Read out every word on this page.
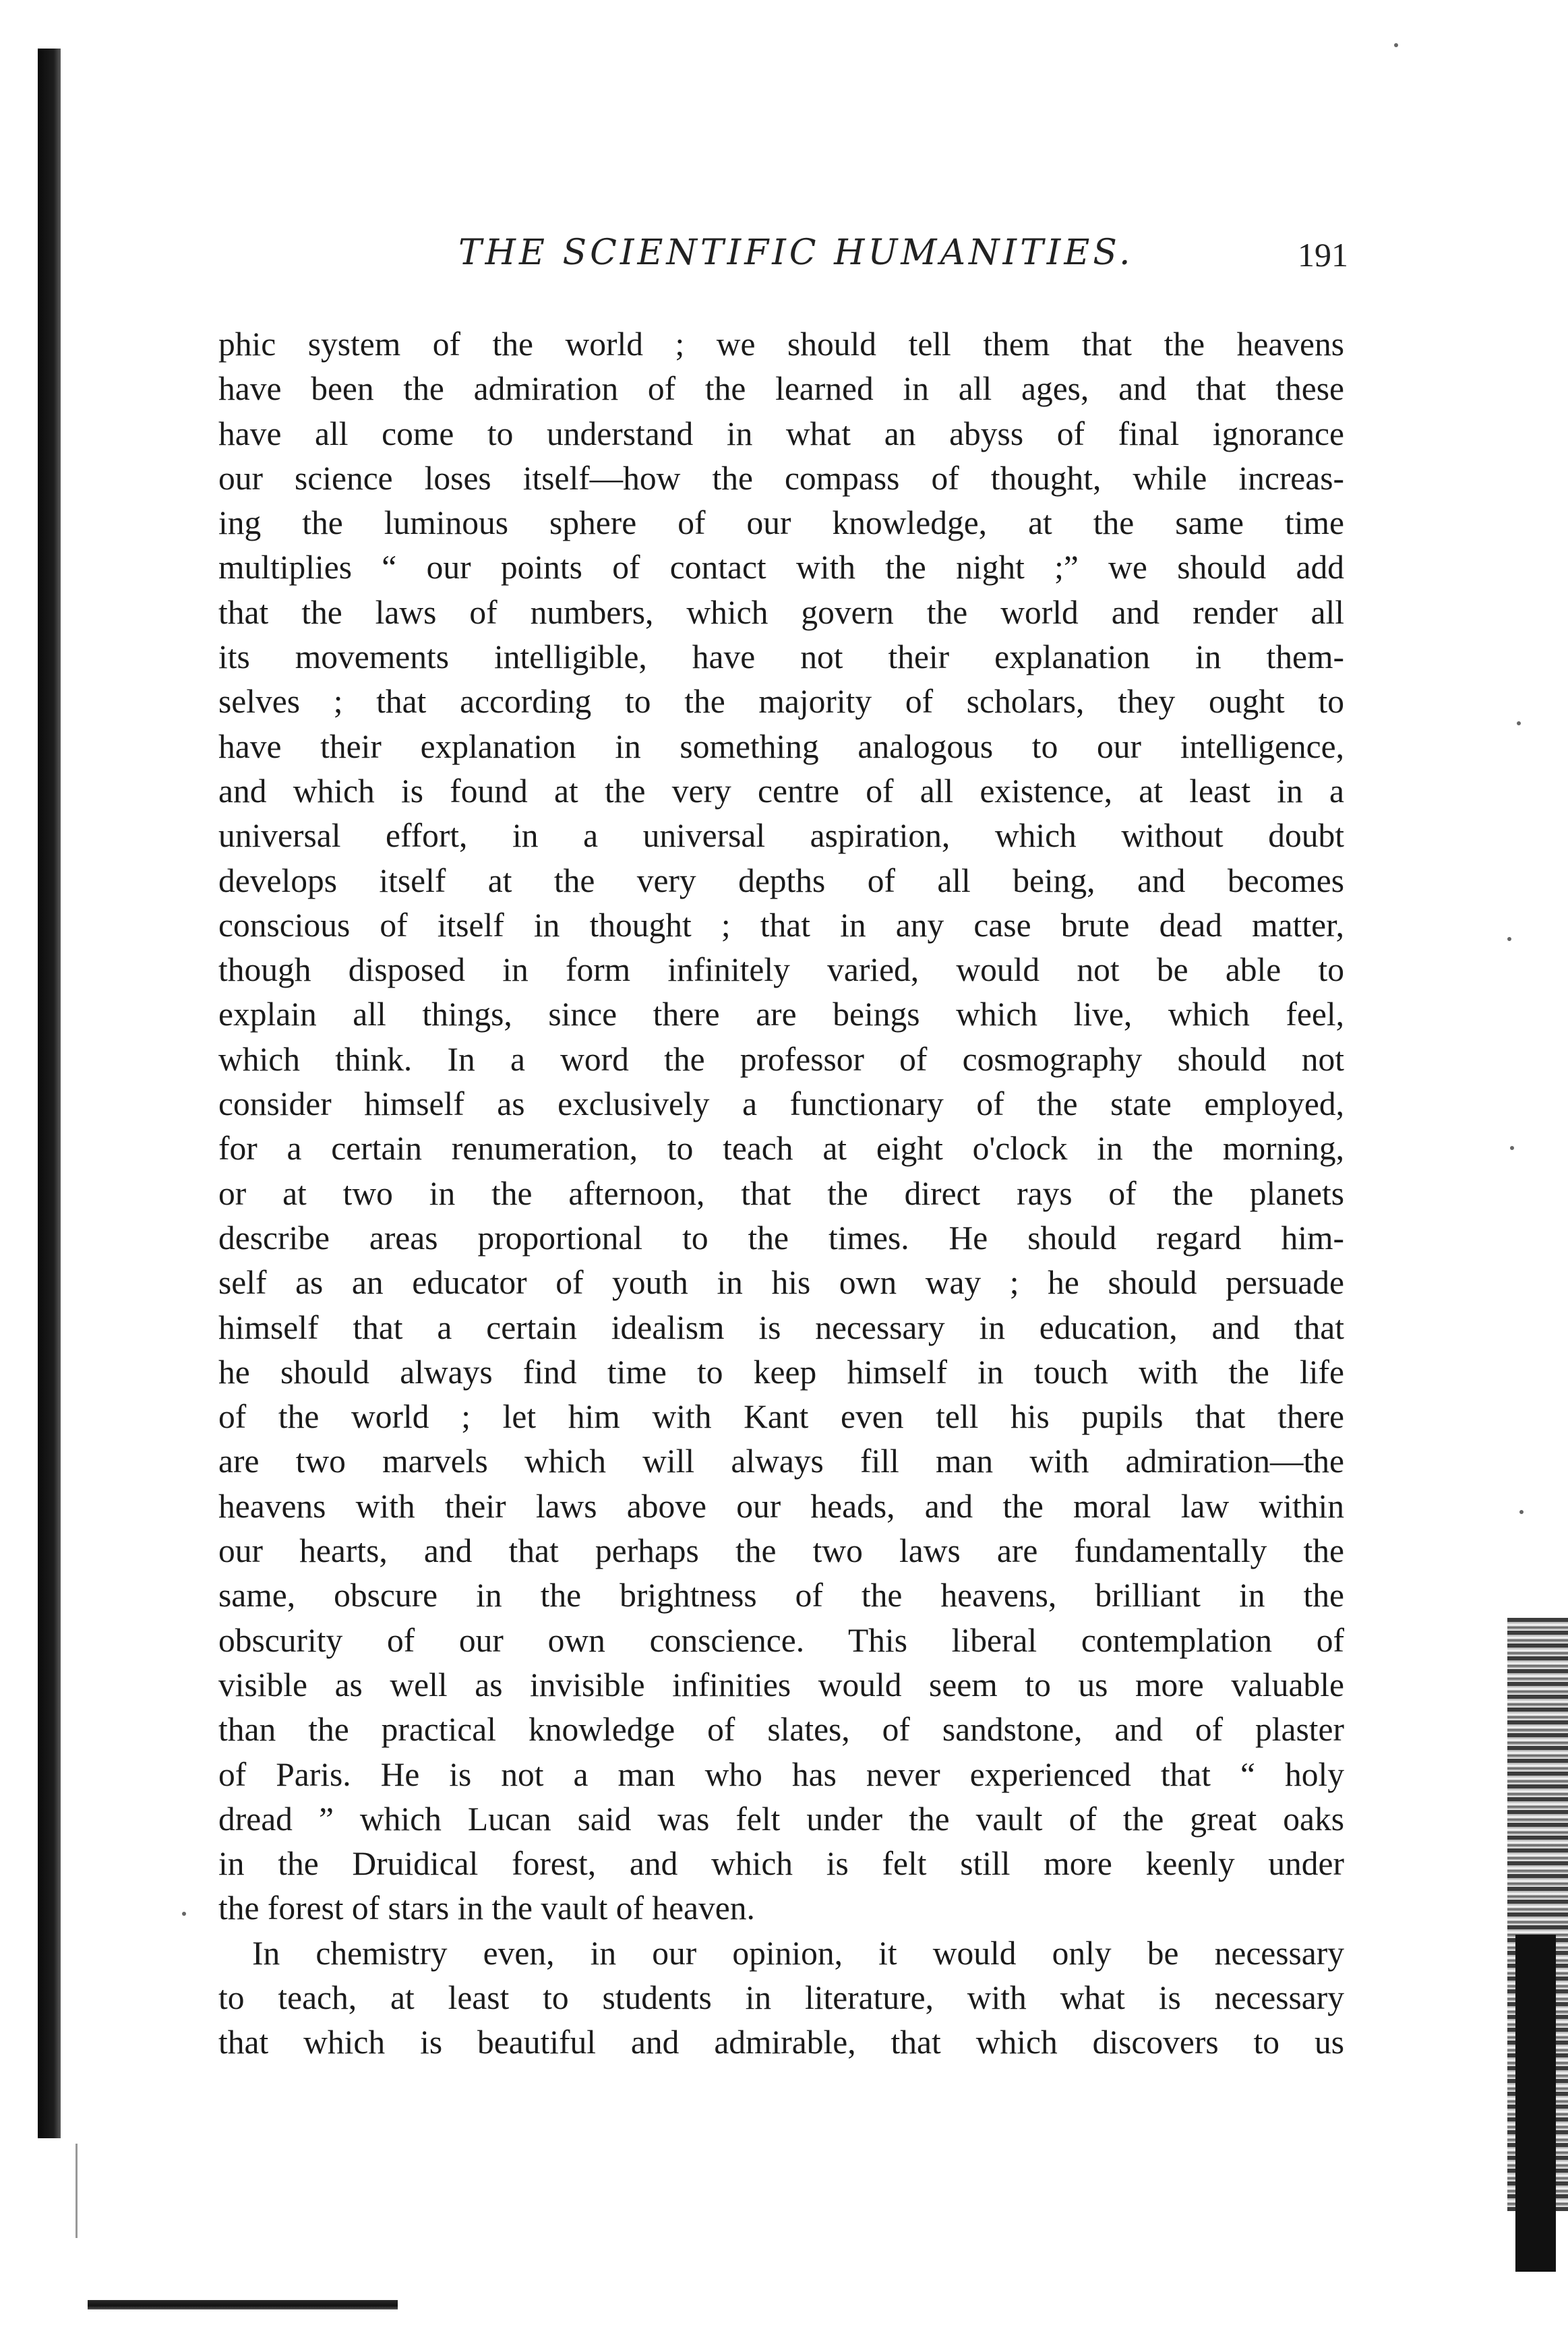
THE SCIENTIFIC HUMANITIES.	191
phic system of the world ; we should tell them that the heavens
have been the admiration of the learned in all ages, and that these
have all come to understand in what an abyss of final ignorance
our science loses itself—how the compass of thought, while increas-
ing the luminous sphere of our knowledge, at the same time
multiplies “ our points of contact with the night ;” we should add
that the laws of numbers, which govern the world and render all
its movements intelligible, have not their explanation in them-
selves ; that according to the majority of scholars, they ought to
have their explanation in something analogous to our intelligence,
and which is found at the very centre of all existence, at least in a
universal effort, in a universal aspiration, which without doubt
develops itself at the very depths of all being, and becomes
conscious of itself in thought ; that in any case brute dead matter,
though disposed in form infinitely varied, would not be able to
explain all things, since there are beings which live, which feel,
which think. In a word the professor of cosmography should not
consider himself as exclusively a functionary of the state employed,
for a certain renumeration, to teach at eight o'clock in the morning,
or at two in the afternoon, that the direct rays of the planets
describe areas proportional to the times. He should regard him-
self as an educator of youth in his own way ; he should persuade
himself that a certain idealism is necessary in education, and that
he should always find time to keep himself in touch with the life
of the world ; let him with Kant even tell his pupils that there
are two marvels which will always fill man with admiration—the
heavens with their laws above our heads, and the moral law within
our hearts, and that perhaps the two laws are fundamentally the
same, obscure in the brightness of the heavens, brilliant in the
obscurity of our own conscience. This liberal contemplation of
visible as well as invisible infinities would seem to us more valuable
than the practical knowledge of slates, of sandstone, and of plaster
of Paris. He is not a man who has never experienced that “ holy
dread ” which Lucan said was felt under the vault of the great oaks
in the Druidical forest, and which is felt still more keenly under
the forest of stars in the vault of heaven.
In chemistry even, in our opinion, it would only be necessary
to teach, at least to students in literature, with what is necessary
that which is beautiful and admirable, that which discovers to us
